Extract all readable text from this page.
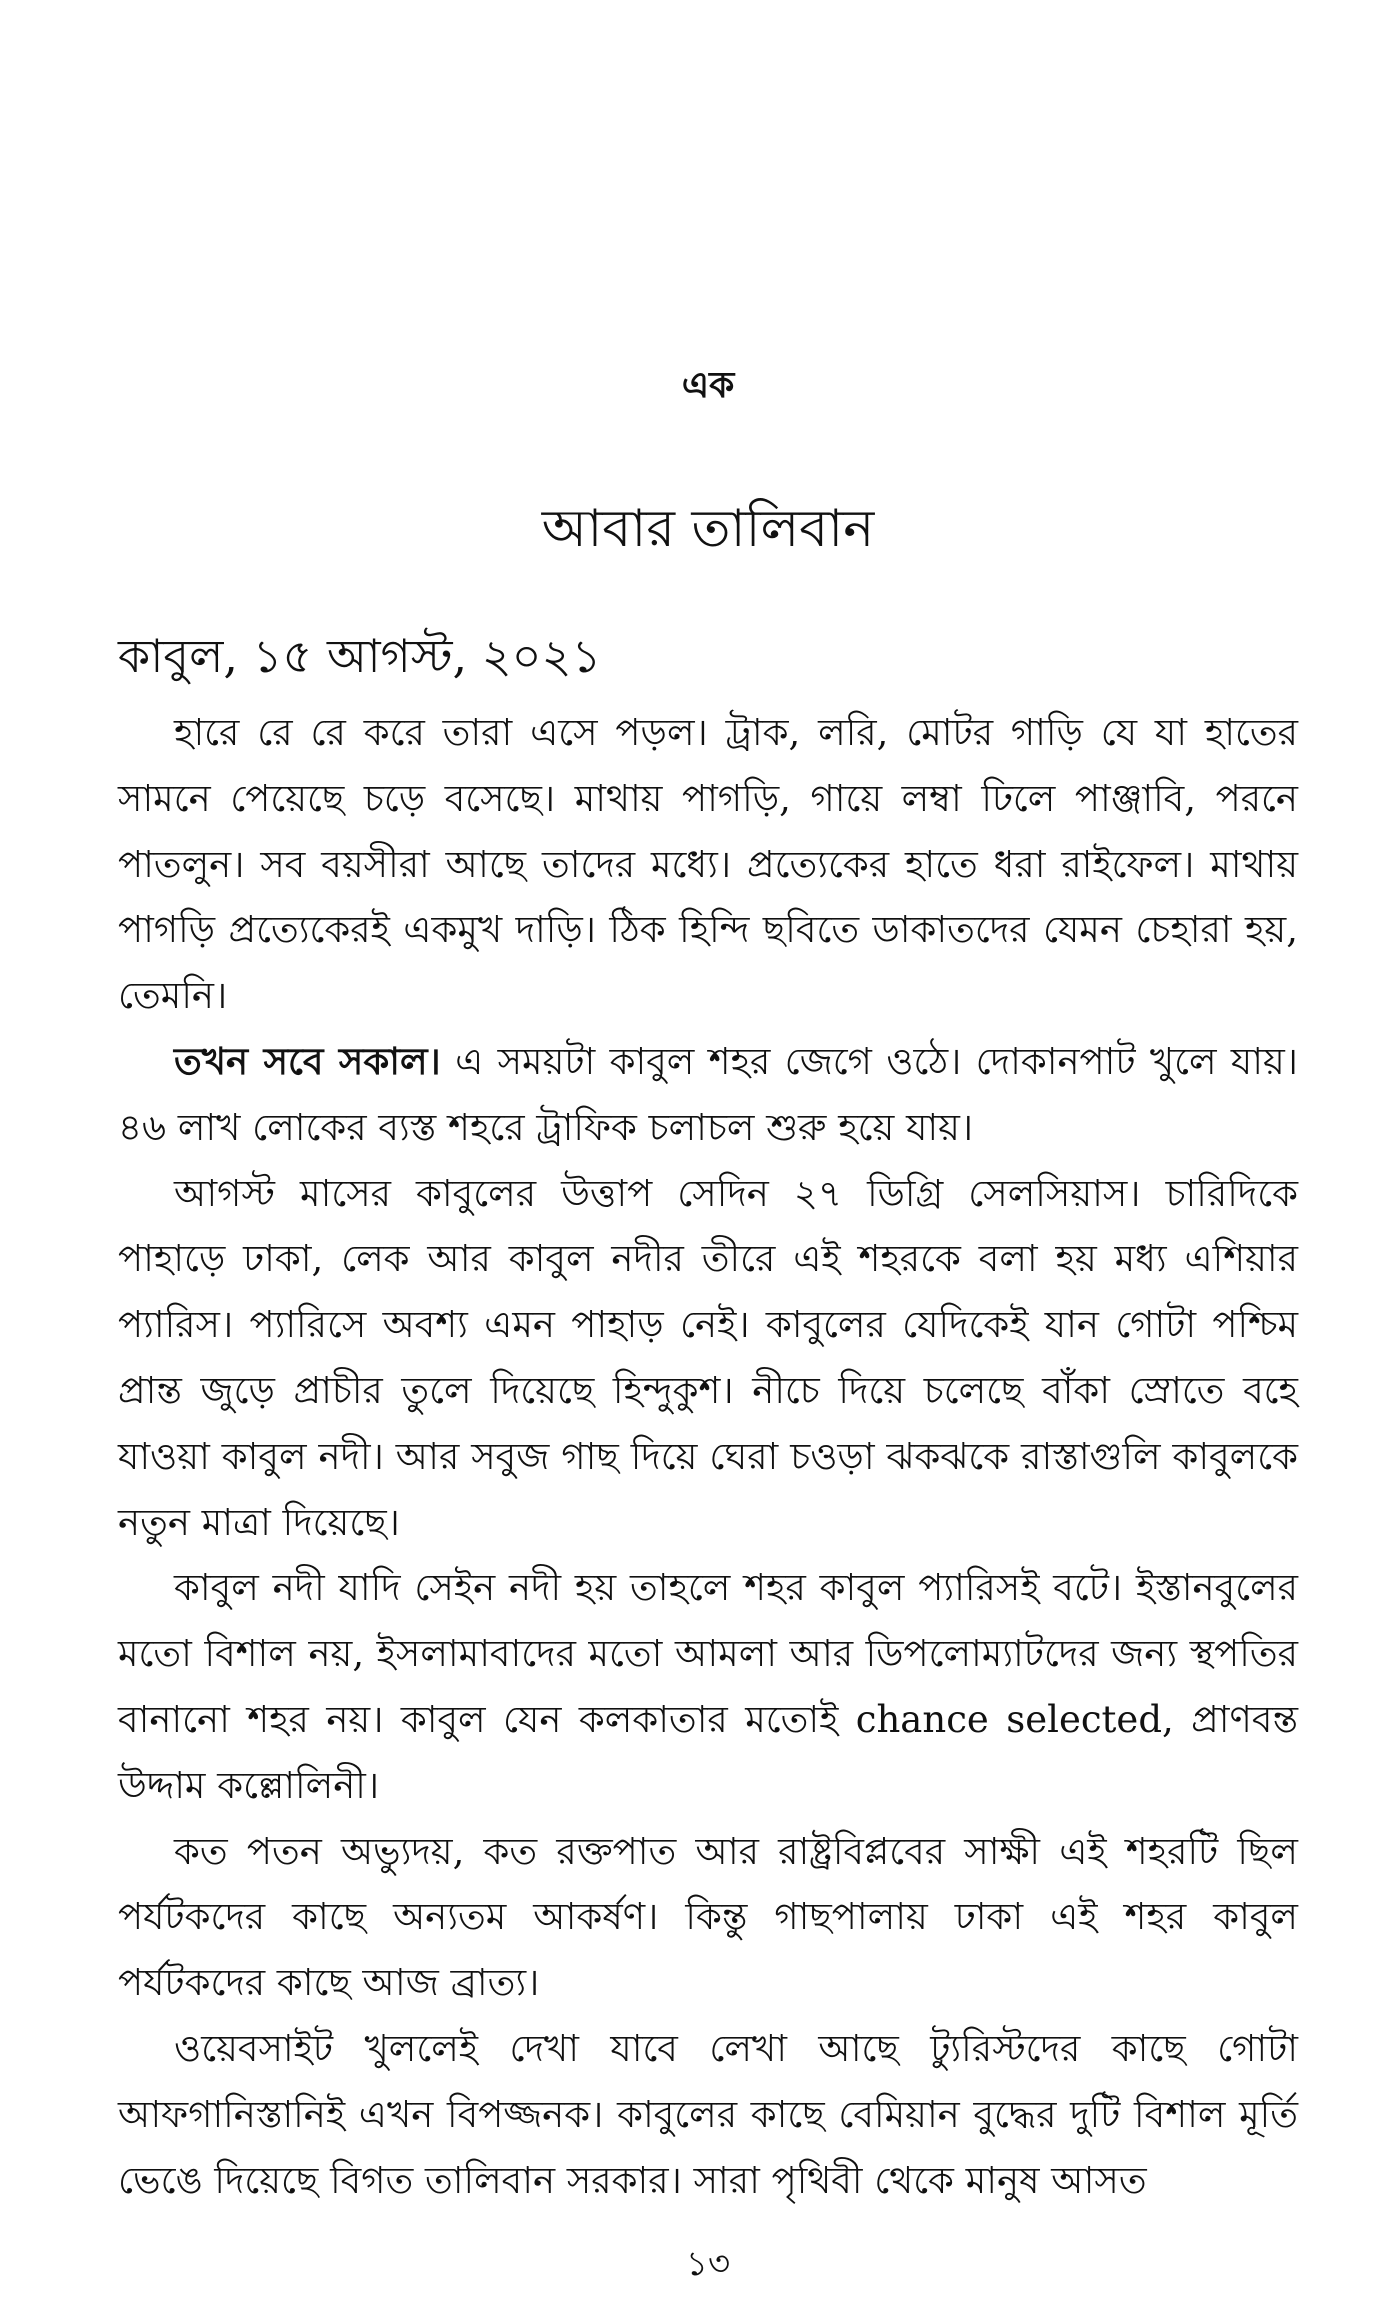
এক
আবার তালিবান
কাবুল, ১৫ আগস্ট, ২০২১

হারে রে রে করে তারা এসে পড়ল। ট্রাক, লরি, মোটর গাড়ি যে যা হাতের সামনে পেয়েছে চড়ে বসেছে। মাথায় পাগড়ি, গায়ে লম্বা ঢিলে পাঞ্জাবি, পরনে পাতলুন। সব বয়সীরা আছে তাদের মধ্যে। প্রত্যেকের হাতে ধরা রাইফেল। মাথায় পাগড়ি প্রত্যেকেরই একমুখ দাড়ি। ঠিক হিন্দি ছবিতে ডাকাতদের যেমন চেহারা হয়, তেমনি।

তখন সবে সকাল। এ সময়টা কাবুল শহর জেগে ওঠে। দোকানপাট খুলে যায়। ৪৬ লাখ লোকের ব্যস্ত শহরে ট্রাফিক চলাচল শুরু হয়ে যায়।

আগস্ট মাসের কাবুলের উত্তাপ সেদিন ২৭ ডিগ্রি সেলসিয়াস। চারিদিকে পাহাড়ে ঢাকা, লেক আর কাবুল নদীর তীরে এই শহরকে বলা হয় মধ্য এশিয়ার প্যারিস। প্যারিসে অবশ্য এমন পাহাড় নেই। কাবুলের যেদিকেই যান গোটা পশ্চিম প্রান্ত জুড়ে প্রাচীর তুলে দিয়েছে হিন্দুকুশ। নীচে দিয়ে চলেছে বাঁকা স্রোতে বহে যাওয়া কাবুল নদী। আর সবুজ গাছ দিয়ে ঘেরা চওড়া ঝকঝকে রাস্তাগুলি কাবুলকে নতুন মাত্রা দিয়েছে।

কাবুল নদী যাদি সেইন নদী হয় তাহলে শহর কাবুল প্যারিসই বটে। ইস্তানবুলের মতো বিশাল নয়, ইসলামাবাদের মতো আমলা আর ডিপলোম্যাটদের জন্য স্থপতির বানানো শহর নয়। কাবুল যেন কলকাতার মতোই chance selected, প্রাণবন্ত উদ্দাম কল্লোলিনী।

কত পতন অভ্যুদয়, কত রক্তপাত আর রাষ্ট্রবিপ্লবের সাক্ষী এই শহরটি ছিল পর্যটকদের কাছে অন্যতম আকর্ষণ। কিন্তু গাছপালায় ঢাকা এই শহর কাবুল পর্যটকদের কাছে আজ ব্রাত্য।

ওয়েবসাইট খুললেই দেখা যাবে লেখা আছে ট্যুরিস্টদের কাছে গোটা আফগানিস্তানিই এখন বিপজ্জনক। কাবুলের কাছে বেমিয়ান বুদ্ধের দুটি বিশাল মূর্তি ভেঙে দিয়েছে বিগত তালিবান সরকার। সারা পৃথিবী থেকে মানুষ আসত

১৩
